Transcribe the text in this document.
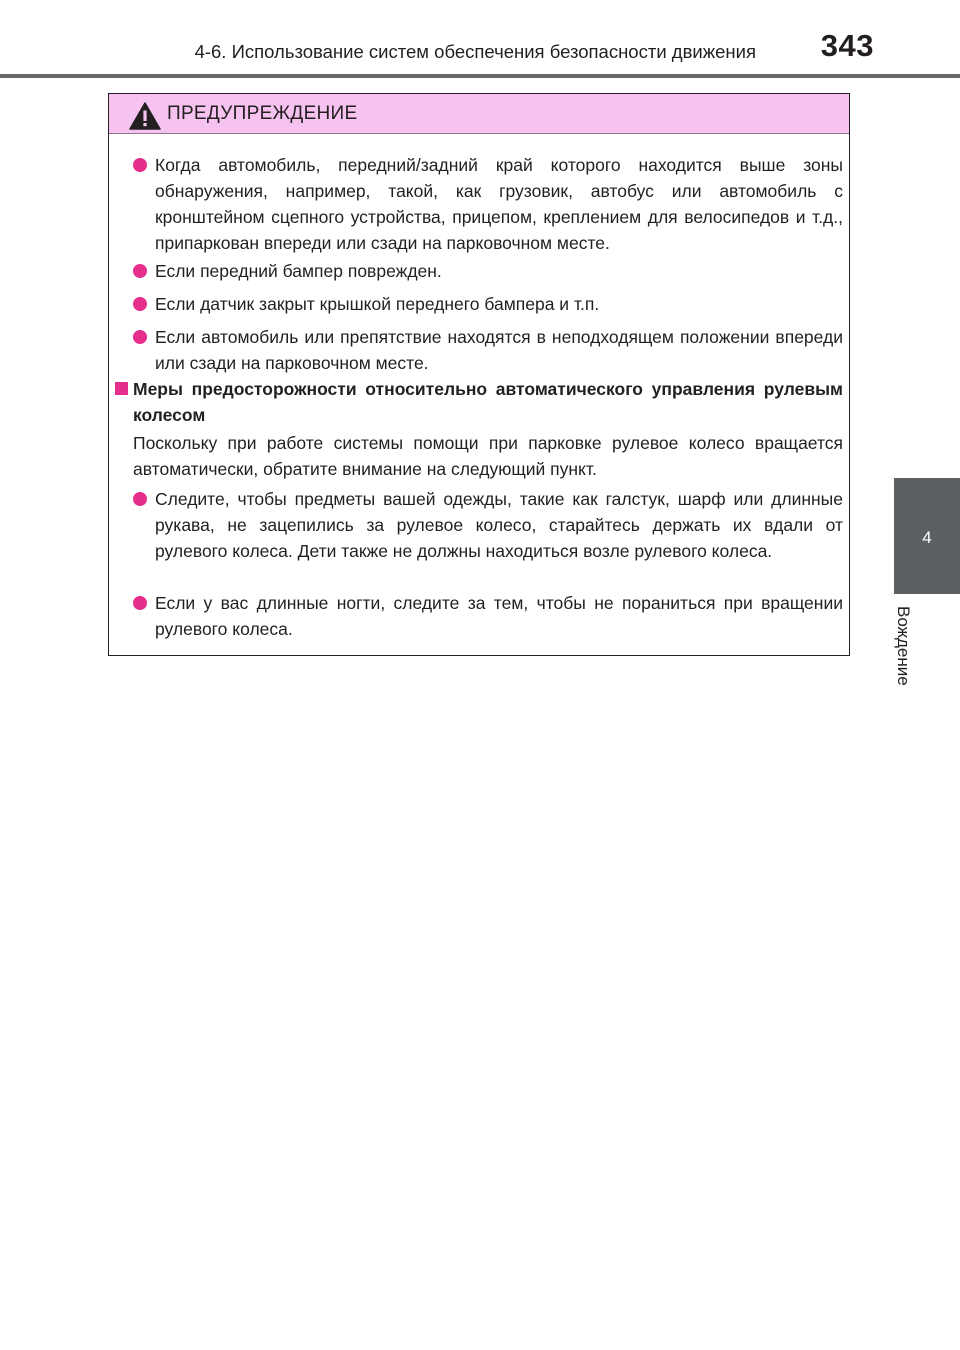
4-6. Использование систем обеспечения безопасности движения 343
4
Вождение
ПРЕДУПРЕЖДЕНИЕ
Когда автомобиль, передний/задний край которого находится выше зоны обнаружения, например, такой, как грузовик, автобус или автомобиль с кронштейном сцепного устройства, прицепом, креплением для велосипедов и т.д., припаркован впереди или сзади на парковочном месте.
Если передний бампер поврежден.
Если датчик закрыт крышкой переднего бампера и т.п.
Если автомобиль или препятствие находятся в неподходящем положении впереди или сзади на парковочном месте.
Меры предосторожности относительно автоматического управления рулевым колесом
Поскольку при работе системы помощи при парковке рулевое колесо вращается автоматически, обратите внимание на следующий пункт.
Следите, чтобы предметы вашей одежды, такие как галстук, шарф или длинные рукава, не зацепились за рулевое колесо, старайтесь держать их вдали от рулевого колеса. Дети также не должны находиться возле рулевого колеса.
Если у вас длинные ногти, следите за тем, чтобы не пораниться при вращении рулевого колеса.
